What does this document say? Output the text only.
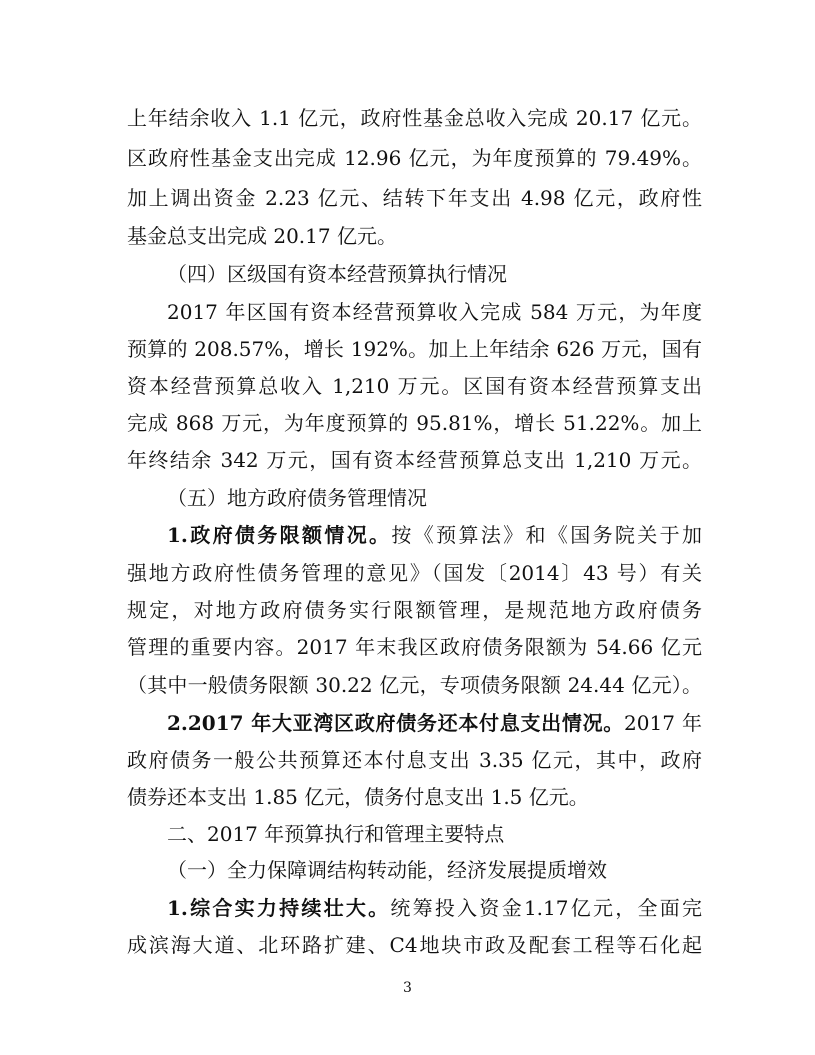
上年结余收入 1.1 亿元，政府性基金总收入完成 20.17 亿元。
区政府性基金支出完成 12.96 亿元，为年度预算的 79.49%。
加上调出资金 2.23 亿元、结转下年支出 4.98 亿元，政府性
基金总支出完成 20.17 亿元。
（四）区级国有资本经营预算执行情况
2017 年区国有资本经营预算收入完成 584 万元，为年度
预算的 208.57%，增长 192%。加上上年结余 626 万元，国有
资本经营预算总收入 1,210 万元。区国有资本经营预算支出
完成 868 万元，为年度预算的 95.81%，增长 51.22%。加上
年终结余 342 万元，国有资本经营预算总支出 1,210 万元。
（五）地方政府债务管理情况
1.政府债务限额情况。按《预算法》和《国务院关于加
强地方政府性债务管理的意见》（国发〔2014〕43 号）有关
规定，对地方政府债务实行限额管理，是规范地方政府债务
管理的重要内容。2017 年末我区政府债务限额为 54.66 亿元
（其中一般债务限额 30.22 亿元，专项债务限额 24.44 亿元）。
2.2017 年大亚湾区政府债务还本付息支出情况。2017 年
政府债务一般公共预算还本付息支出 3.35 亿元，其中，政府
债券还本支出 1.85 亿元，债务付息支出 1.5 亿元。
二、2017 年预算执行和管理主要特点
（一）全力保障调结构转动能，经济发展提质增效
1.综合实力持续壮大。统筹投入资金1.17亿元，全面完
成滨海大道、北环路扩建、C4地块市政及配套工程等石化起
3
